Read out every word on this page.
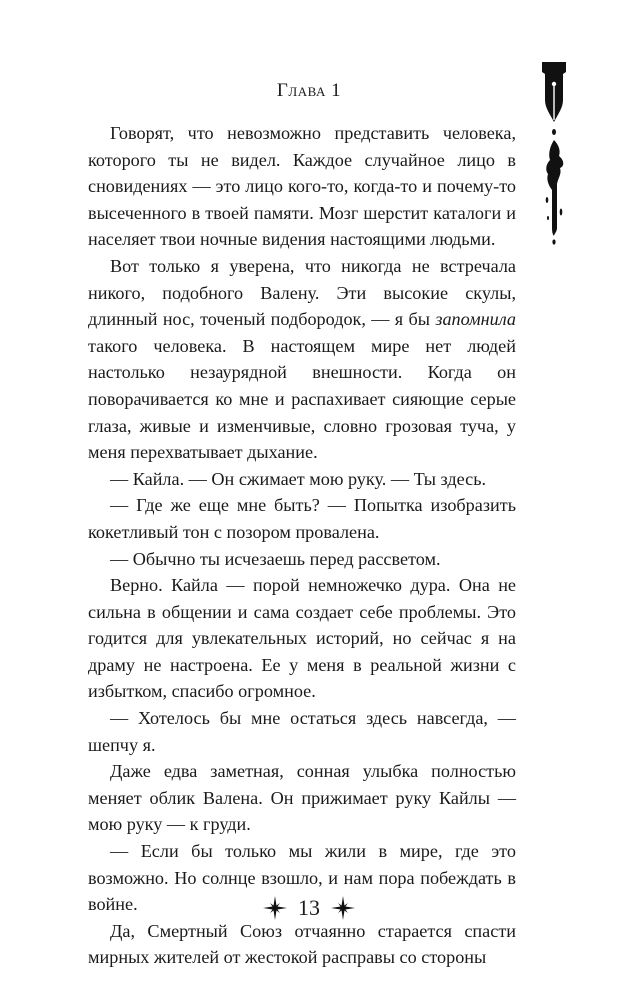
Глава 1

Говорят, что невозможно представить человека, которого ты не видел. Каждое случайное лицо в сновидениях — это лицо кого-то, когда-то и почему-то высеченного в твоей памяти. Мозг шерстит каталоги и населяет твои ночные видения настоящими людьми.

Вот только я уверена, что никогда не встречала никого, подобного Валену. Эти высокие скулы, длинный нос, точеный подбородок, — я бы запомнила такого человека. В настоящем мире нет людей настолько незаурядной внешности. Когда он поворачивается ко мне и распахивает сияющие серые глаза, живые и изменчивые, словно грозовая туча, у меня перехватывает дыхание.

— Кайла. — Он сжимает мою руку. — Ты здесь.

— Где же еще мне быть? — Попытка изобразить кокетливый тон с позором провалена.

— Обычно ты исчезаешь перед рассветом.

Верно. Кайла — порой немножечко дура. Она не сильна в общении и сама создает себе проблемы. Это годится для увлекательных историй, но сейчас я на драму не настроена. Ее у меня в реальной жизни с избытком, спасибо огромное.

— Хотелось бы мне остаться здесь навсегда, — шепчу я.

Даже едва заметная, сонная улыбка полностью меняет облик Валена. Он прижимает руку Кайлы — мою руку — к груди.

— Если бы только мы жили в мире, где это возможно. Но солнце взошло, и нам пора побеждать в войне.

Да, Смертный Союз отчаянно старается спасти мирных жителей от жестокой расправы со стороны

13
